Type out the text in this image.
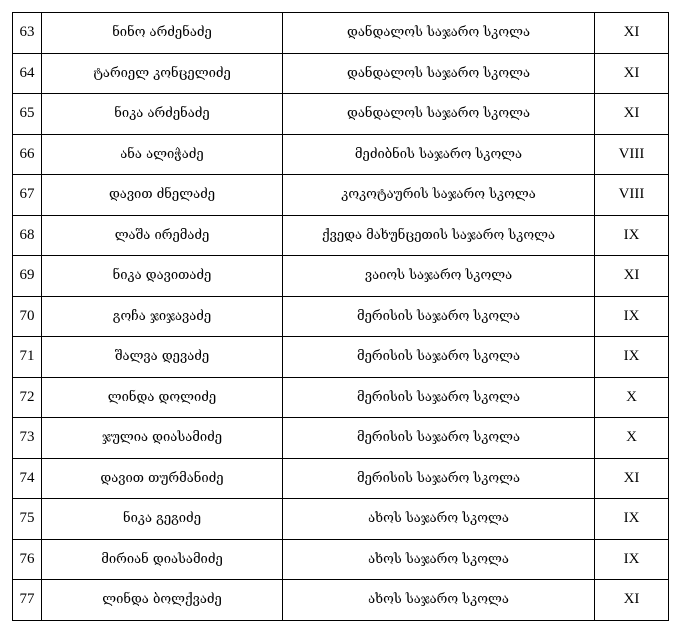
63	ნინო არძენაძე	დანდალოს საჯარო სკოლა	XI
64	ტარიელ კონცელიძე	დანდალოს საჯარო სკოლა	XI
65	ნიკა არძენაძე	დანდალოს საჯარო სკოლა	XI
66	ანა ალიჭაძე	მეძიბნის საჯარო სკოლა	VIII
67	დავით ძნელაძე	კოკოტაურის საჯარო სკოლა	VIII
68	ლაშა ირემაძე	ქვედა მახუნცეთის საჯარო სკოლა	IX
69	ნიკა დავითაძე	ვაიოს საჯარო სკოლა	XI
70	გოჩა ჯიჯავაძე	მერისის საჯარო სკოლა	IX
71	შალვა დევაძე	მერისის საჯარო სკოლა	IX
72	ლინდა დოლიძე	მერისის საჯარო სკოლა	X
73	ჯულია დიასამიძე	მერისის საჯარო სკოლა	X
74	დავით თურმანიძე	მერისის საჯარო სკოლა	XI
75	ნიკა გეგიძე	ახოს საჯარო სკოლა	IX
76	მირიან დიასამიძე	ახოს საჯარო სკოლა	IX
77	ლინდა ბოლქვაძე	ახოს საჯარო სკოლა	XI
